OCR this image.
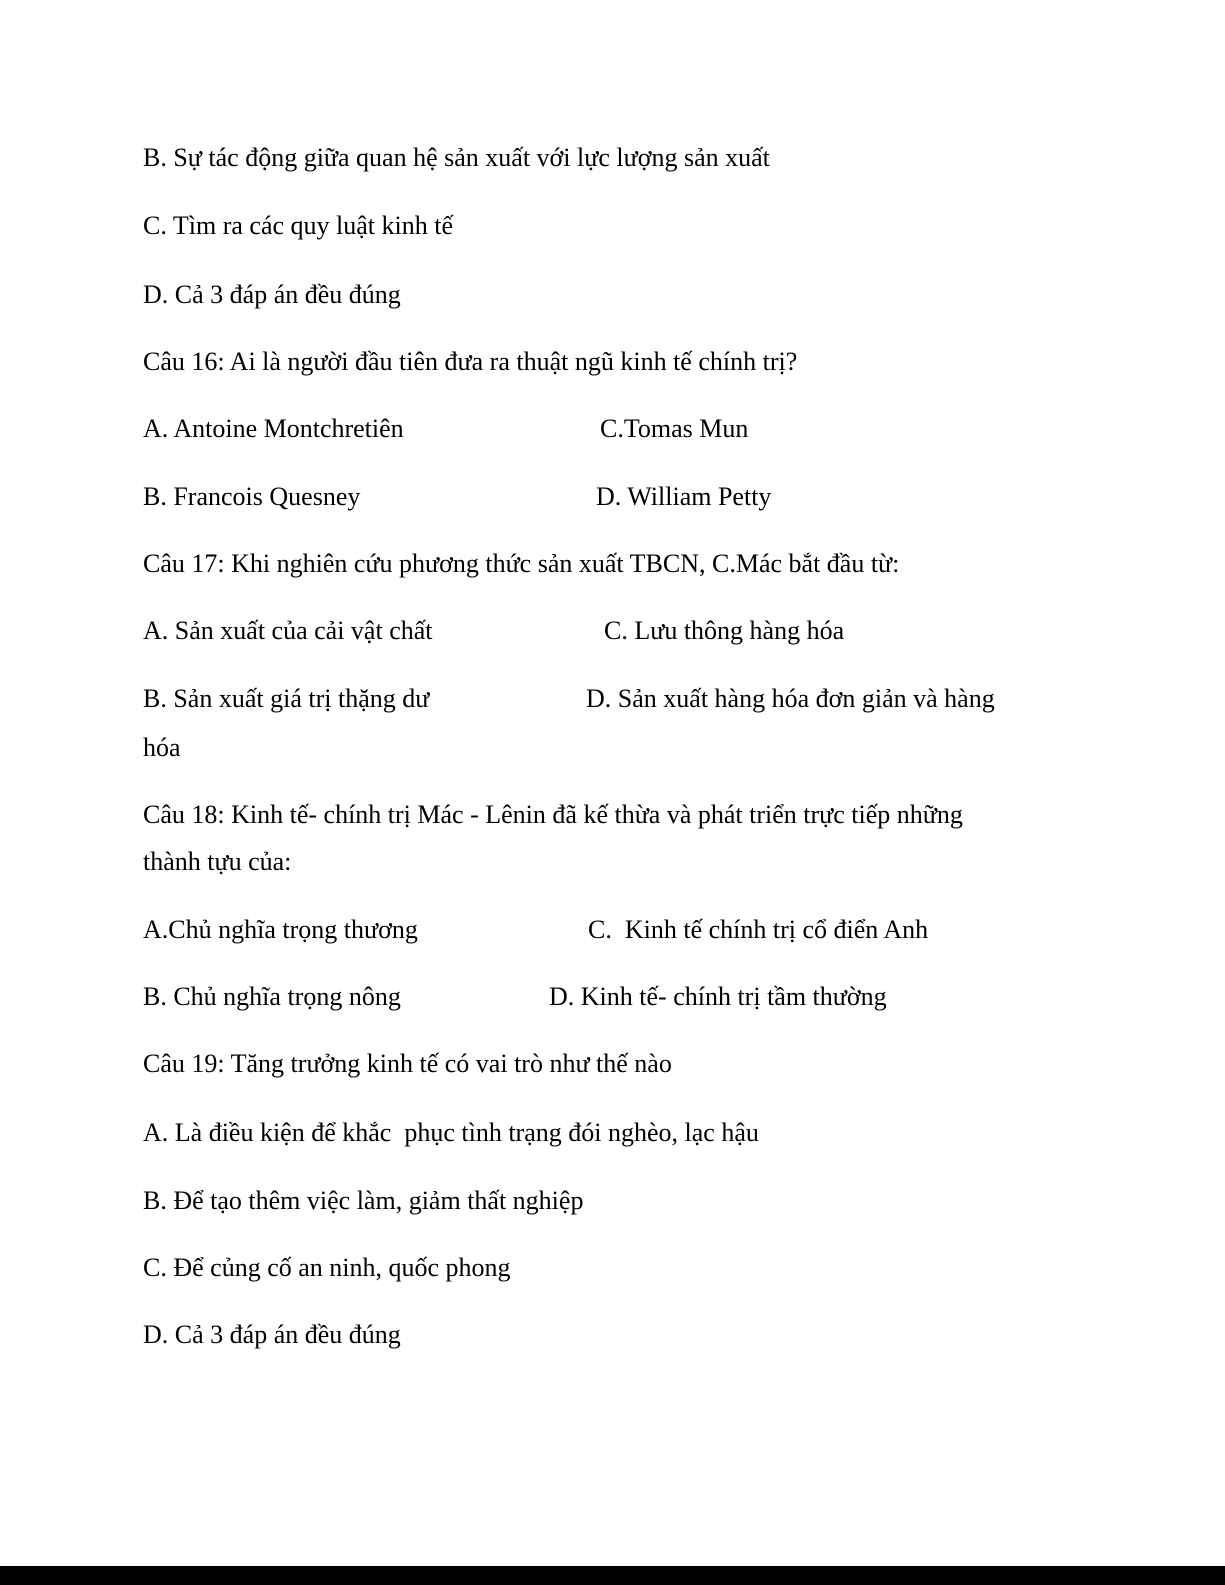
B. Sự tác động giữa quan hệ sản xuất với lực lượng sản xuất
C. Tìm ra các quy luật kinh tế
D. Cả 3 đáp án đều đúng
Câu 16: Ai là người đầu tiên đưa ra thuật ngũ kinh tế chính trị?
A. Antoine Montchretiên	C.Tomas Mun
B. Francois Quesney	D. William Petty
Câu 17: Khi nghiên cứu phương thức sản xuất TBCN, C.Mác bắt đầu từ:
A. Sản xuất của cải vật chất	C. Lưu thông hàng hóa
B. Sản xuất giá trị thặng dư	D. Sản xuất hàng hóa đơn giản và hàng
hóa
Câu 18: Kinh tế- chính trị Mác - Lênin đã kế thừa và phát triển trực tiếp những
thành tựu của:
A.Chủ nghĩa trọng thương	C.  Kinh tế chính trị cổ điển Anh
B. Chủ nghĩa trọng nông	D. Kinh tế- chính trị tầm thường
Câu 19: Tăng trưởng kinh tế có vai trò như thế nào
A. Là điều kiện để khắc  phục tình trạng đói nghèo, lạc hậu
B. Để tạo thêm việc làm, giảm thất nghiệp
C. Để củng cố an ninh, quốc phong
D. Cả 3 đáp án đều đúng
